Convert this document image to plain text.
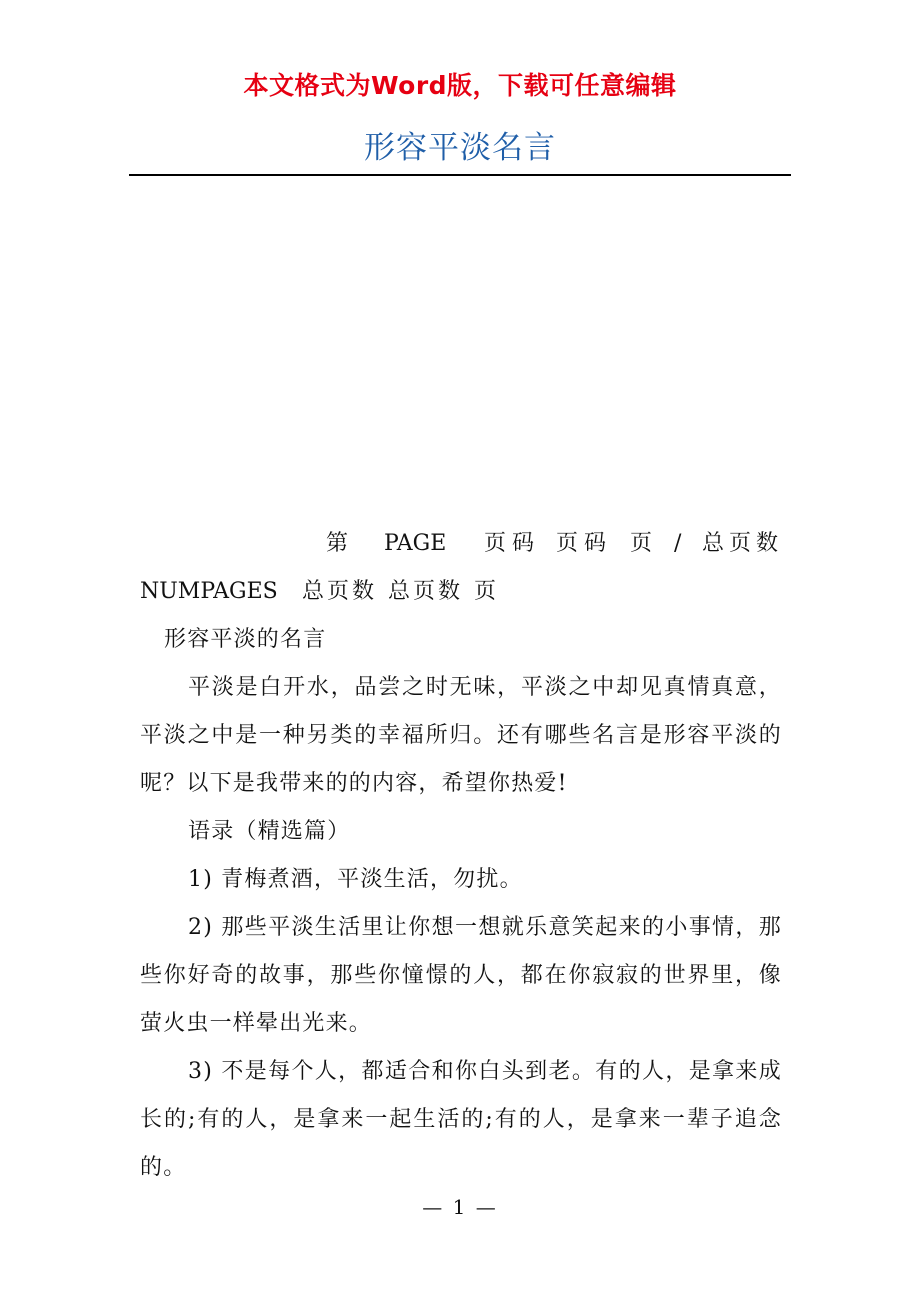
本文格式为Word版，下载可任意编辑
形容平淡名言
第 PAGE 页码 页码 页 / 总页数
NUMPAGES 总页数 总页数 页

形容平淡的名言

平淡是白开水，品尝之时无味，平淡之中却见真情真意，平淡之中是一种另类的幸福所归。还有哪些名言是形容平淡的呢？以下是我带来的的内容，希望你热爱!

语录（精选篇）

1) 青梅煮酒，平淡生活，勿扰。

2) 那些平淡生活里让你想一想就乐意笑起来的小事情，那些你好奇的故事，那些你憧憬的人，都在你寂寂的世界里，像萤火虫一样晕出光来。

3) 不是每个人，都适合和你白头到老。有的人，是拿来成长的;有的人，是拿来一起生活的;有的人，是拿来一辈子追念的。

— 1 —
